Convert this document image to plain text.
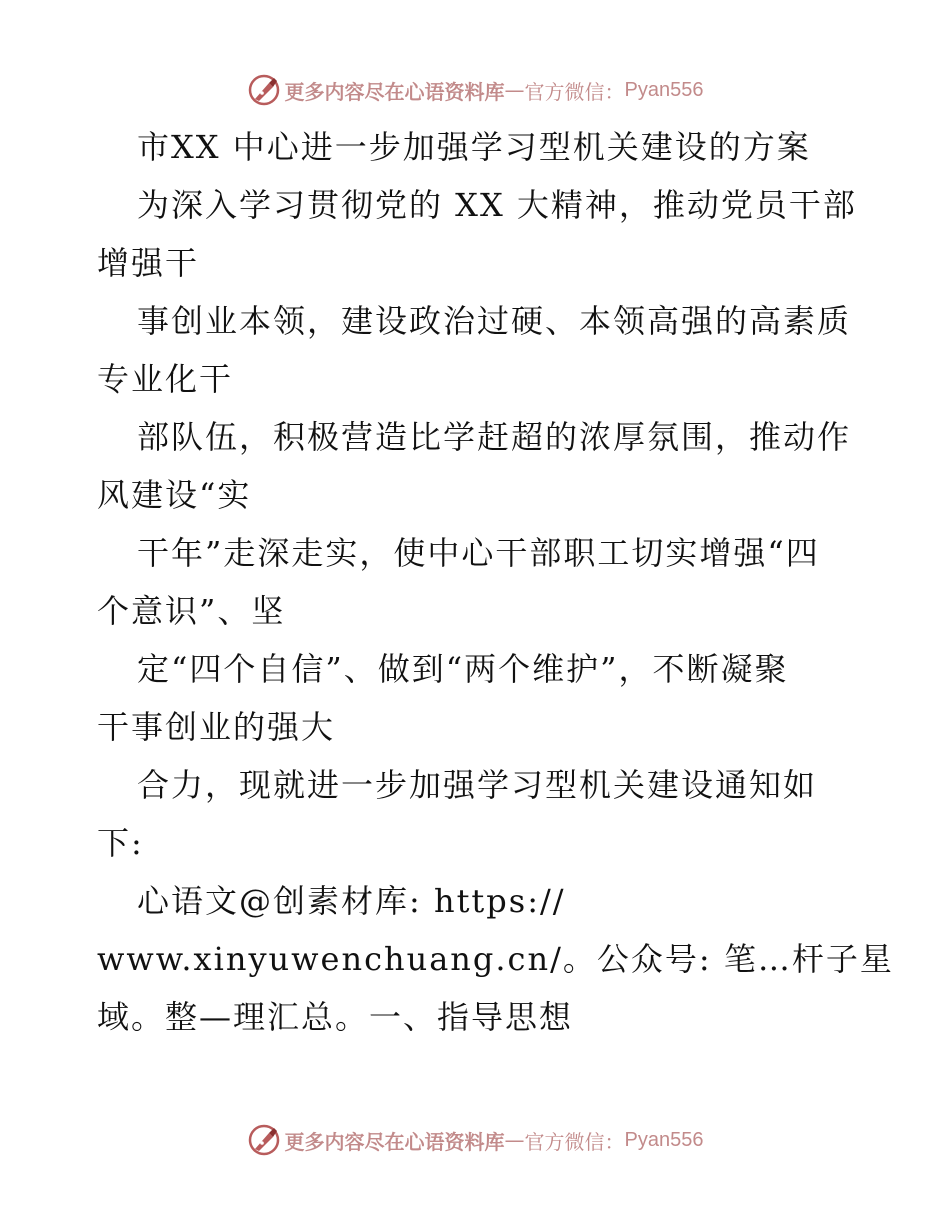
更多内容尽在心语资料库 — 官方微信： Pyan556
市XX 中心进一步加强学习型机关建设的方案
为深入学习贯彻党的 XX 大精神，推动党员干部
增强干
事创业本领，建设政治过硬、本领高强的高素质
专业化干
部队伍，积极营造比学赶超的浓厚氛围，推动作
风建设“实
干年”走深走实，使中心干部职工切实增强“四
个意识”、坚
定“四个自信”、做到“两个维护”，不断凝聚
干事创业的强大
合力，现就进一步加强学习型机关建设通知如
下:
心语文@创素材库: https://
www.xinyuwenchuang.cn/。公众号: 笔…杆子星
域。整—理汇总。一、指导思想
更多内容尽在心语资料库 — 官方微信： Pyan556
